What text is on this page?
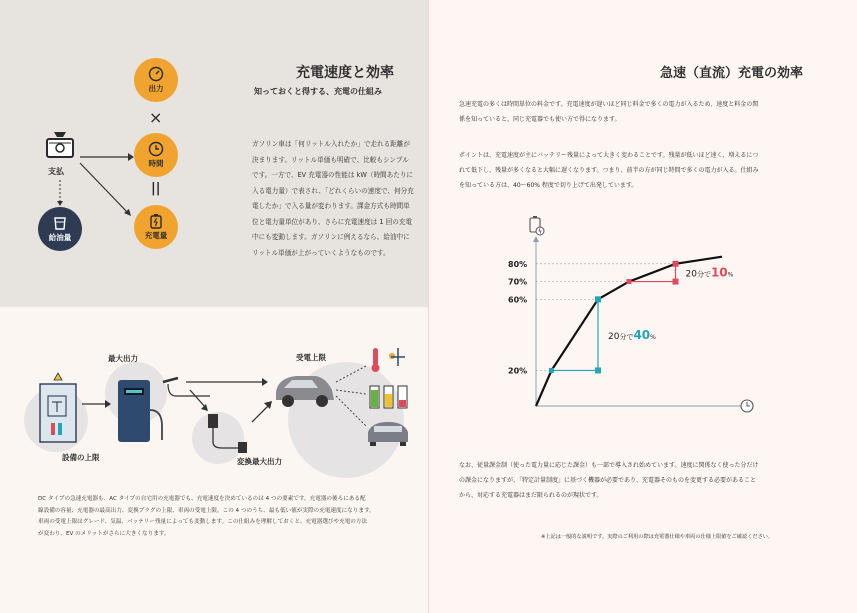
充電速度と効率
知っておくと得する、充電の仕組み
出力
×
時間
||
充電量
支払
給油量

ガソリン車は「何リットル入れたか」で走れる距離が

決まります。リットル単価も明確で、比較もシンプル

です。一方で、EV 充電器の性能は kW（時間あたりに

入る電力量）で表され、「どれくらいの速度で、何分充

電したか」で入る量が変わります。課金方式も時間単

位と電力量単位があり、さらに充電速度は 1 回の充電

中にも変動します。ガソリンに例えるなら、給油中に

リットル単価が上がっていくようなものです。

最大出力	受電上限
設備の上限	変換最大出力
DC タイプの急速充電器も、AC タイプの自宅用の充電器でも、充電速度を決めているのは 4 つの要素です。充電器の後ろにある配
線設備の容量、充電器の最高出力、変換プラグの上限、車両の受電上限。この 4 つのうち、最も低い値が実際の充電速度になります。
車両の受電上限はグレード、気温、バッテリー残量によっても変動します。この仕組みを理解しておくと、充電器選びや充電の方法
が変わり、EV のメリットがさらに大きくなります。
急速（直流）充電の効率
急速充電の多くは時間単位の料金です。充電速度が遅いほど同じ料金で多くの電力が入るため、速度と料金の関
係を知っていると、同じ充電器でも使い方で得になります。
ポイントは、充電速度が主にバッテリー残量によって大きく変わることです。残量が低いほど速く、増えるにつ
れて低下し、残量が多くなると大幅に遅くなります。つまり、前半の方が同じ時間で多くの電力が入る。仕組み
を知っている方は、40〜60% 程度で切り上げて出発しています。
20%
60%
70%
80%
20分で40%
20分で10%
なお、従量課金制（使った電力量に応じた課金）も一部で導入され始めています。速度に関係なく使った分だけ
の課金になりますが、「特定計量制度」に基づく機器が必要であり、充電器そのものを変更する必要があること
から、対応する充電器はまだ限られるのが現状です。
※上記は一般的な説明です。実際のご利用の際は充電器仕様や車両の仕様上限値をご確認ください。
